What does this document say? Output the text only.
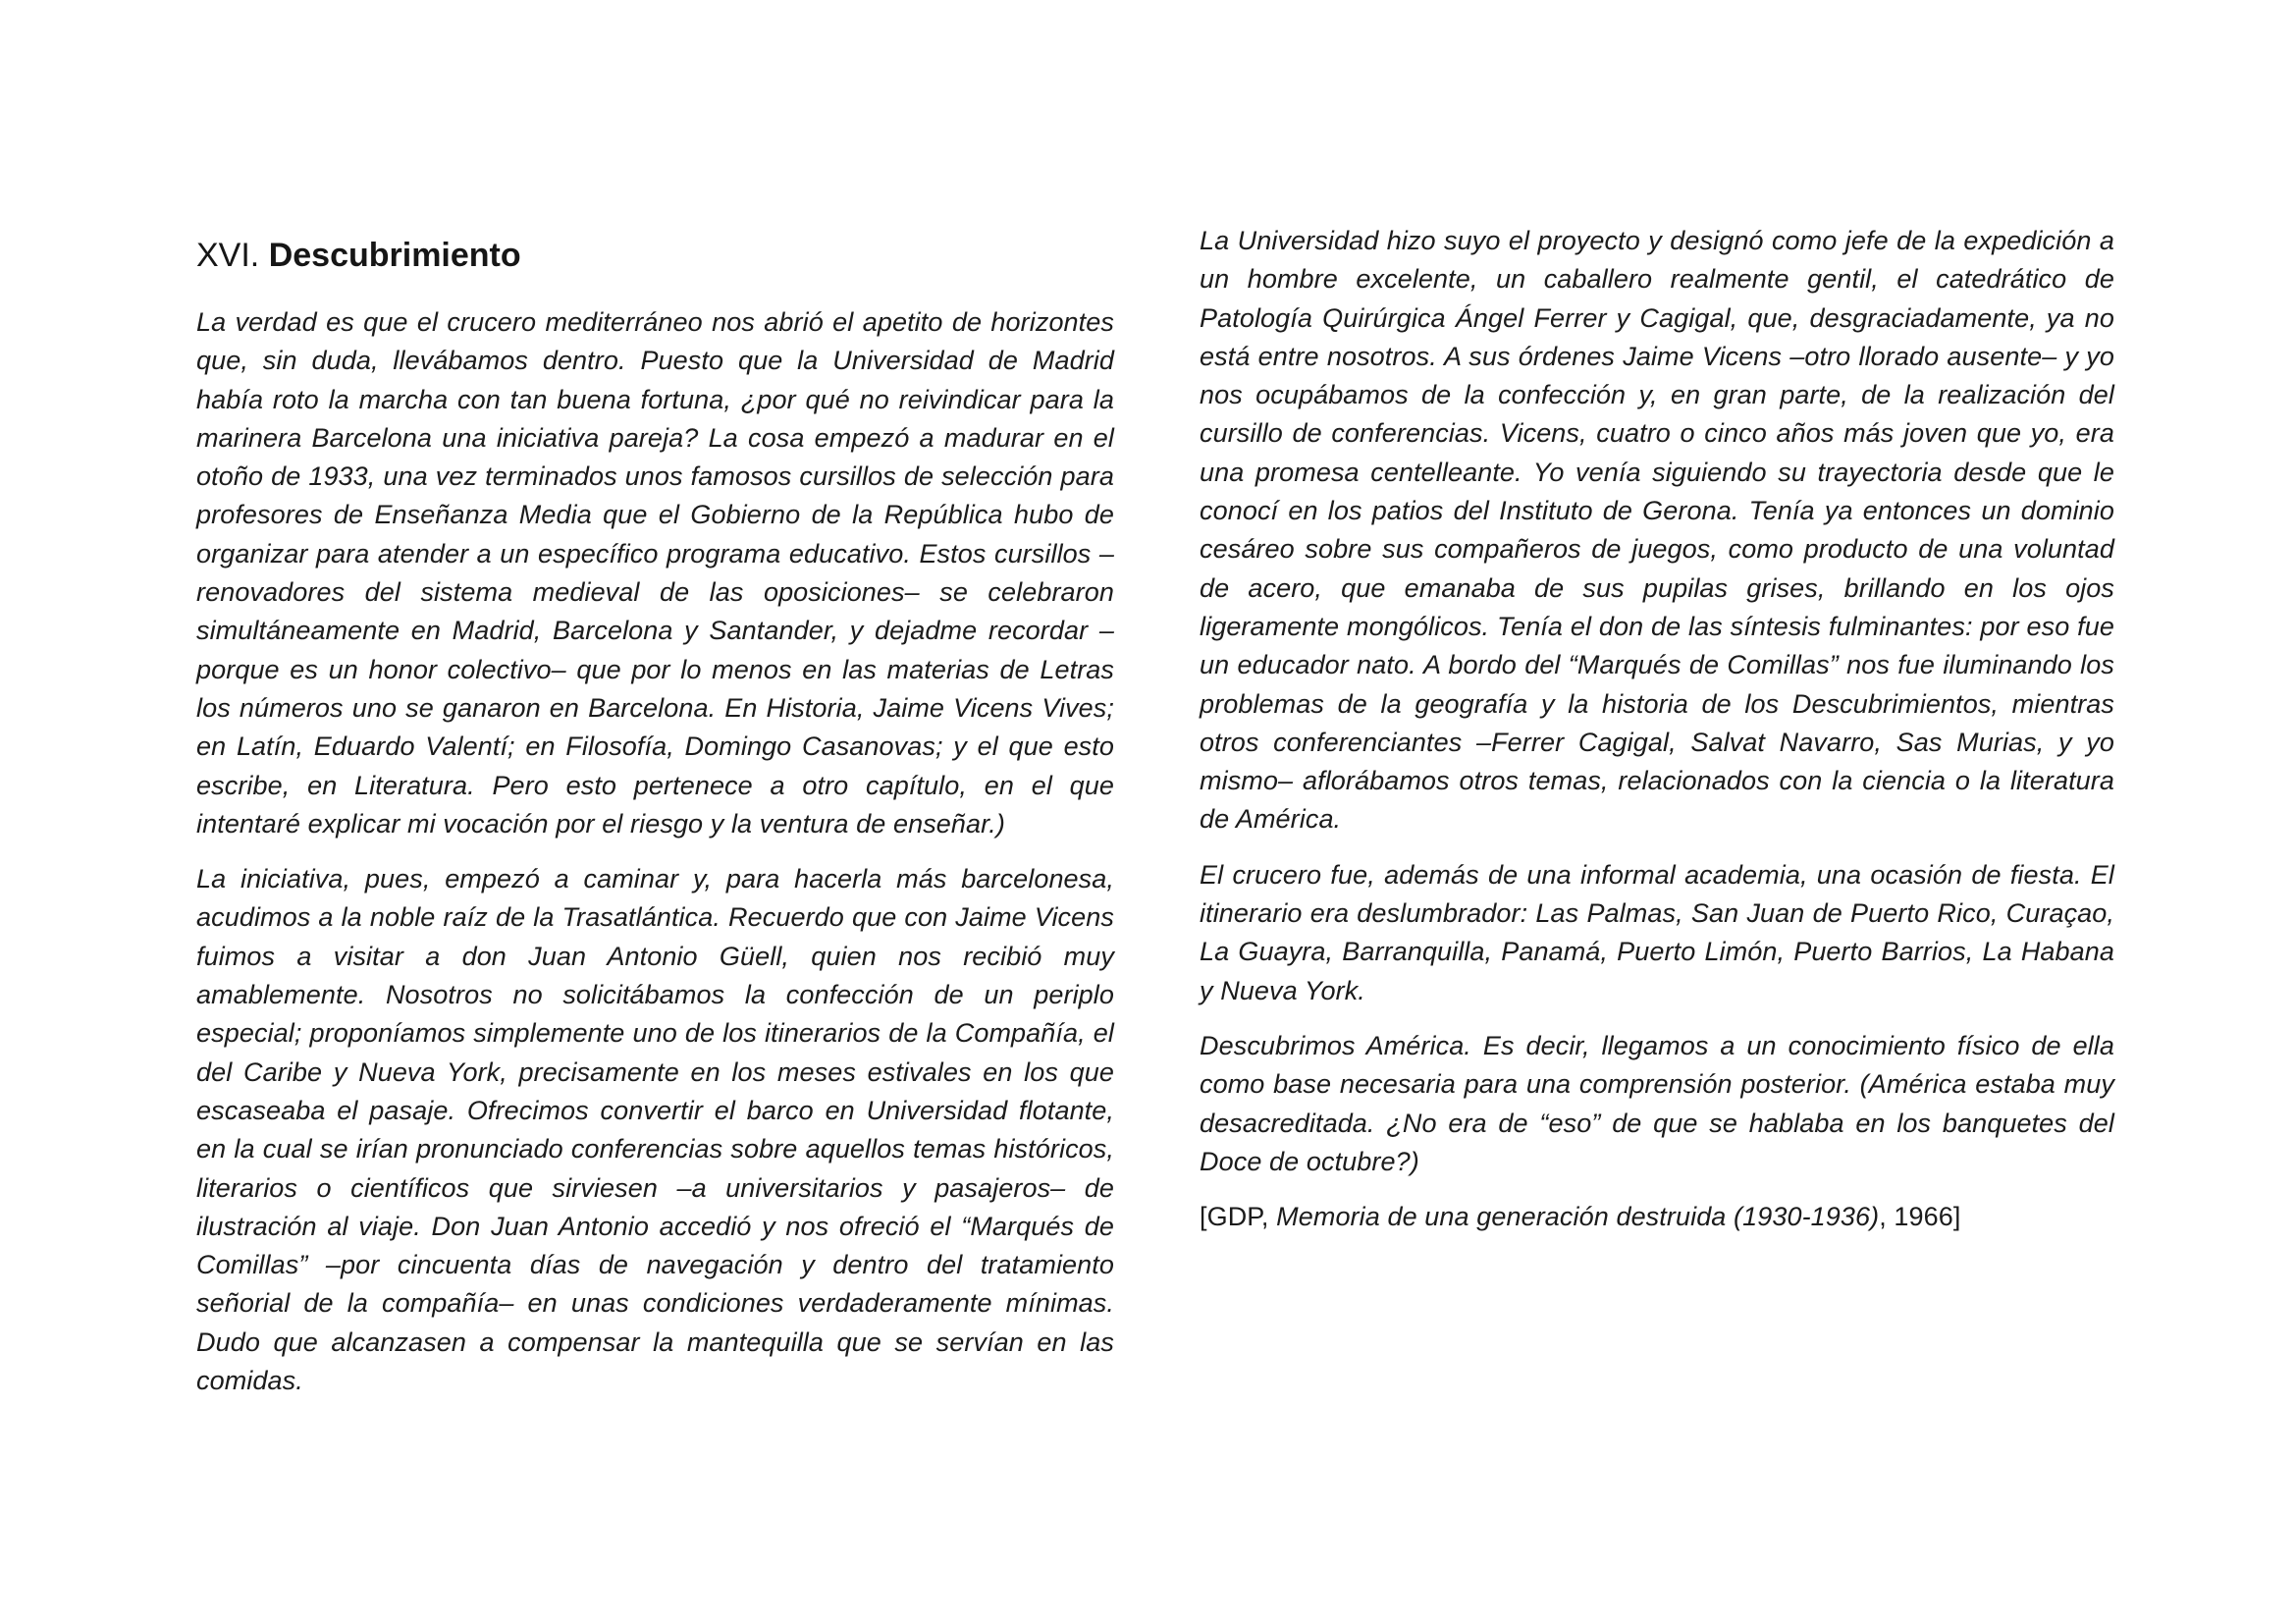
XVI. Descubrimiento

La verdad es que el crucero mediterráneo nos abrió el apetito de horizontes que, sin duda, llevábamos dentro. Puesto que la Universidad de Madrid había roto la marcha con tan buena fortuna, ¿por qué no reivindicar para la marinera Barcelona una iniciativa pareja? La cosa empezó a madurar en el otoño de 1933, una vez terminados unos famosos cursillos de selección para profesores de Enseñanza Media que el Gobierno de la República hubo de organizar para atender a un específico programa educativo. Estos cursillos –renovadores del sistema medieval de las oposiciones– se celebraron simultáneamente en Madrid, Barcelona y Santander, y dejadme recordar –porque es un honor colectivo– que por lo menos en las materias de Letras los números uno se ganaron en Barcelona. En Historia, Jaime Vicens Vives; en Latín, Eduardo Valentí; en Filosofía, Domingo Casanovas; y el que esto escribe, en Literatura. Pero esto pertenece a otro capítulo, en el que intentaré explicar mi vocación por el riesgo y la ventura de enseñar.)

La iniciativa, pues, empezó a caminar y, para hacerla más barcelonesa, acudimos a la noble raíz de la Trasatlántica. Recuerdo que con Jaime Vicens fuimos a visitar a don Juan Antonio Güell, quien nos recibió muy amablemente. Nosotros no solicitábamos la confección de un periplo especial; proponíamos simplemente uno de los itinerarios de la Compañía, el del Caribe y Nueva York, precisamente en los meses estivales en los que escaseaba el pasaje. Ofrecimos convertir el barco en Universidad flotante, en la cual se irían pronunciado conferencias sobre aquellos temas históricos, literarios o científicos que sirviesen –a universitarios y pasajeros– de ilustración al viaje. Don Juan Antonio accedió y nos ofreció el “Marqués de Comillas” –por cincuenta días de navegación y dentro del tratamiento señorial de la compañía– en unas condiciones verdaderamente mínimas. Dudo que alcanzasen a compensar la mantequilla que se servían en las comidas.

La Universidad hizo suyo el proyecto y designó como jefe de la expedición a un hombre excelente, un caballero realmente gentil, el catedrático de Patología Quirúrgica Ángel Ferrer y Cagigal, que, desgraciadamente, ya no está entre nosotros. A sus órdenes Jaime Vicens –otro llorado ausente– y yo nos ocupábamos de la confección y, en gran parte, de la realización del cursillo de conferencias. Vicens, cuatro o cinco años más joven que yo, era una promesa centelleante. Yo venía siguiendo su trayectoria desde que le conocí en los patios del Instituto de Gerona. Tenía ya entonces un dominio cesáreo sobre sus compañeros de juegos, como producto de una voluntad de acero, que emanaba de sus pupilas grises, brillando en los ojos ligeramente mongólicos. Tenía el don de las síntesis fulminantes: por eso fue un educador nato. A bordo del “Marqués de Comillas” nos fue iluminando los problemas de la geografía y la historia de los Descubrimientos, mientras otros conferenciantes –Ferrer Cagigal, Salvat Navarro, Sas Murias, y yo mismo– aflorábamos otros temas, relacionados con la ciencia o la literatura de América.

El crucero fue, además de una informal academia, una ocasión de fiesta. El itinerario era deslumbrador: Las Palmas, San Juan de Puerto Rico, Curaçao, La Guayra, Barranquilla, Panamá, Puerto Limón, Puerto Barrios, La Habana y Nueva York.

Descubrimos América. Es decir, llegamos a un conocimiento físico de ella como base necesaria para una comprensión posterior. (América estaba muy desacreditada. ¿No era de “eso” de que se hablaba en los banquetes del Doce de octubre?)

[GDP, Memoria de una generación destruida (1930-1936), 1966]
